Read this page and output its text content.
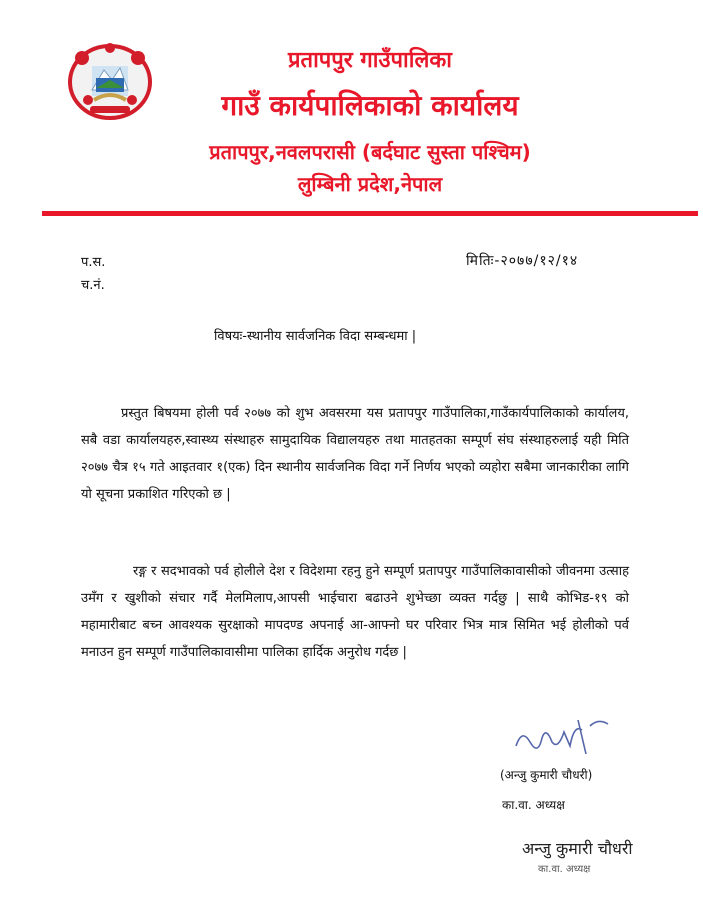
प्रतापपुर गाउँपालिका
गाउँ कार्यपालिकाको कार्यालय
प्रतापपुर,नवलपरासी (बर्दघाट सुस्ता पश्चिम)
लुम्बिनी प्रदेश,नेपाल
प.स.
च.नं.
मितिः-२०७७/१२/१४
विषयः-स्थानीय सार्वजनिक विदा सम्बन्धमा |
प्रस्तुत बिषयमा होली पर्व २०७७ को शुभ अवसरमा यस प्रतापपुर गाउँपालिका,गाउँकार्यपालिकाको कार्यालय, सबै वडा कार्यालयहरु,स्वास्थ्य संस्थाहरु सामुदायिक विद्यालयहरु तथा मातहतका सम्पूर्ण संघ संस्थाहरुलाई यही मिति २०७७ चैत्र १५ गते आइतवार १(एक) दिन स्थानीय सार्वजनिक विदा गर्ने निर्णय भएको व्यहोरा सबैमा जानकारीका लागि यो सूचना प्रकाशित गरिएको छ |
रङ्ग र सदभावको पर्व होलीले देश र विदेशमा रहनु हुने सम्पूर्ण प्रतापपुर गाउँपालिकावासीको जीवनमा उत्साह उमँग र खुशीको संचार गर्दै मेलमिलाप,आपसी भाईचारा बढाउने शुभेच्छा व्यक्त गर्दछु | साथै कोभिड-१९ को महामारीबाट बच्न आवश्यक सुरक्षाको मापदण्ड अपनाई आ-आफ्नो घर परिवार भित्र मात्र सिमित भई होलीको पर्व मनाउन हुन सम्पूर्ण गाउँपालिकावासीमा पालिका हार्दिक अनुरोध गर्दछ |
(अन्जु कुमारी चौधरी)
का.वा. अध्यक्ष
अन्जु कुमारी चौधरी
का.वा. अध्यक्ष
